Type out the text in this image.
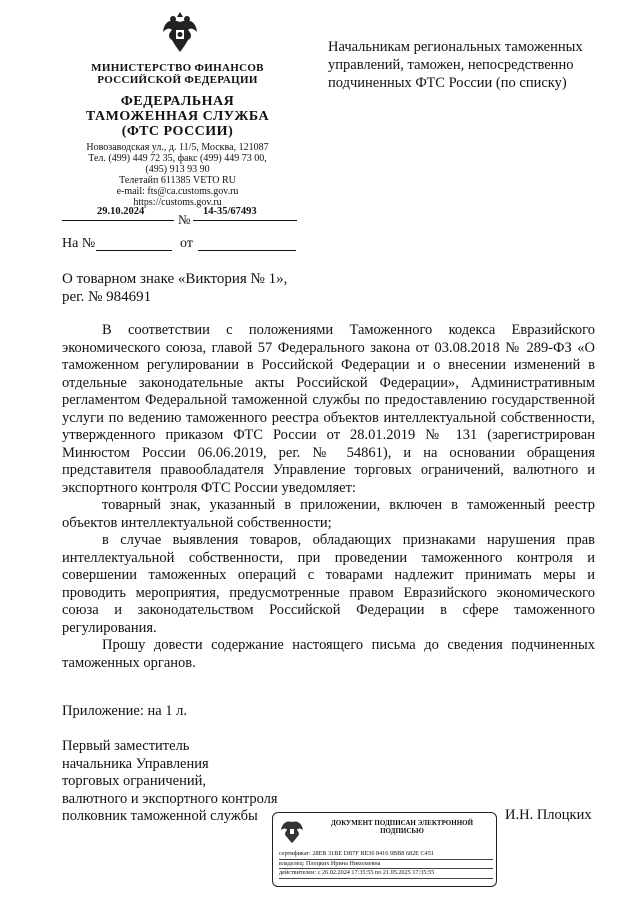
МИНИСТЕРСТВО ФИНАНСОВ
РОССИЙСКОЙ ФЕДЕРАЦИИ
ФЕДЕРАЛЬНАЯ
ТАМОЖЕННАЯ СЛУЖБА
(ФТС РОССИИ)
Новозаводская ул., д. 11/5, Москва, 121087
Тел. (499) 449 72 35, факс (499) 449 73 00,
(495) 913 93 90
Телетайп 611385 VETO RU
e-mail: fts@ca.customs.gov.ru
https://customs.gov.ru
29.10.2024
№
14-35/67493
На №	от
Начальникам региональных таможенных управлений, таможен, непосредственно подчиненных ФТС России (по списку)
О товарном знаке «Виктория № 1»,
рег. № 984691

В соответствии с положениями Таможенного кодекса Евразийского экономического союза, главой 57 Федерального закона от 03.08.2018 № 289-ФЗ «О таможенном регулировании в Российской Федерации и о внесении изменений в отдельные законодательные акты Российской Федерации», Административным регламентом Федеральной таможенной службы по предоставлению государственной услуги по ведению таможенного реестра объектов интеллектуальной собственности, утвержденного приказом ФТС России от 28.01.2019 № 131 (зарегистрирован Минюстом России 06.06.2019, рег. № 54861), и на основании обращения представителя правообладателя Управление торговых ограничений, валютного и экспортного контроля ФТС России уведомляет:

товарный знак, указанный в приложении, включен в таможенный реестр объектов интеллектуальной собственности;

в случае выявления товаров, обладающих признаками нарушения прав интеллектуальной собственности, при проведении таможенного контроля и совершении таможенных операций с товарами надлежит принимать меры и проводить мероприятия, предусмотренные правом Евразийского экономического союза и законодательством Российской Федерации в сфере таможенного регулирования.

Прошу довести содержание настоящего письма до сведения подчиненных таможенных органов.

Приложение: на 1 л.
Первый заместитель
начальника Управления
торговых ограничений,
валютного и экспортного контроля
полковник таможенной службы	И.Н. Плоцких
ДОКУМЕНТ ПОДПИСАН ЭЛЕКТРОННОЙ ПОДПИСЬЮ
сертификат: 28EB 31BE DB7F BE36 8416 9BB8 682E C451
владелец: Плоцких Ирина Николаевна
действителен: с 26.02.2024 17:35:55 по 21.05.2025 17:35:55
